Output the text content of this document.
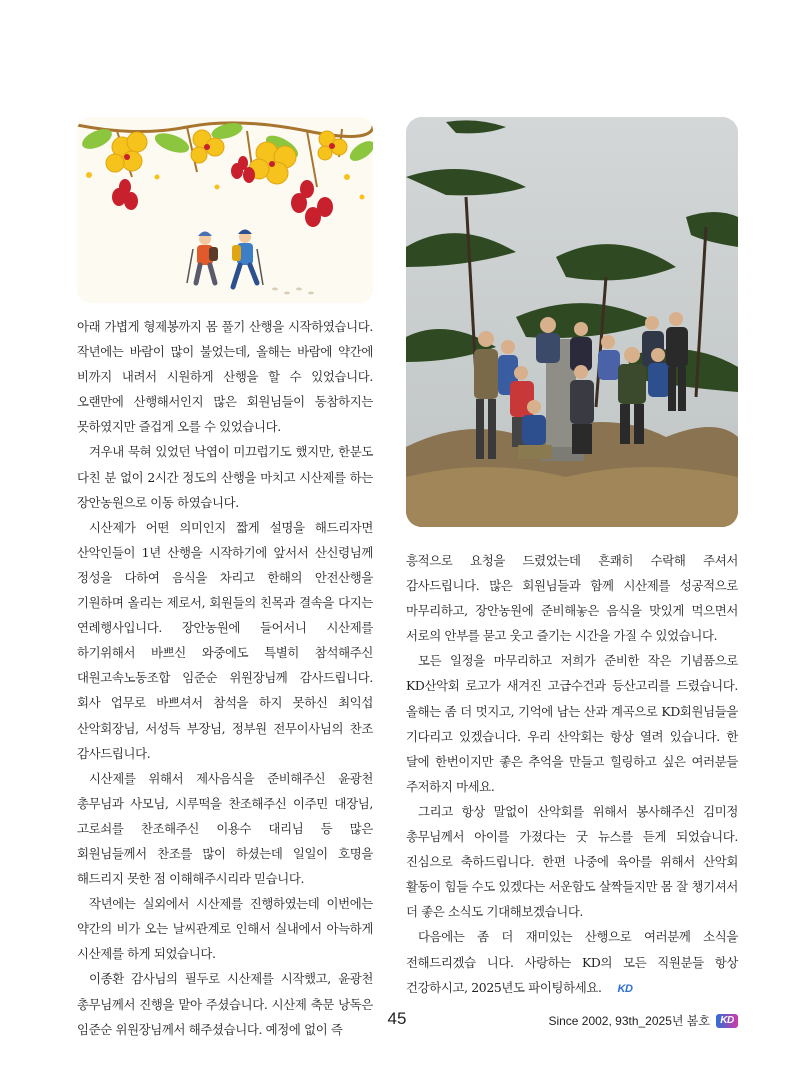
아래 가볍게 형제봉까지 몸 풀기 산행을 시작하였습니다. 작년에는 바람이 많이 불었는데, 올해는 바람에 약간에 비까지 내려서 시원하게 산행을 할 수 있었습니다. 오랜만에 산행해서인지 많은 회원님들이 동참하지는 못하였지만 즐겁게 오를 수 있었습니다.

겨우내 묵혀 있었던 낙엽이 미끄럽기도 했지만, 한분도 다친 분 없이 2시간 정도의 산행을 마치고 시산제를 하는 장안농원으로 이동 하였습니다.

시산제가 어떤 의미인지 짧게 설명을 해드리자면 산악인들이 1년 산행을 시작하기에 앞서서 산신령님께 정성을 다하여 음식을 차리고 한해의 안전산행을 기원하며 올리는 제로서, 회원들의 친목과 결속을 다지는 연례행사입니다. 장안농원에 들어서니 시산제를 하기위해서 바쁘신 와중에도 특별히 참석해주신 대원고속노동조합 임준순 위원장님께 감사드립니다. 회사 업무로 바쁘셔서 참석을 하지 못하신 최익섭 산악회장님, 서성득 부장님, 정부원 전무이사님의 찬조 감사드립니다.

시산제를 위해서 제사음식을 준비해주신 윤광천 총무님과 사모님, 시루떡을 찬조해주신 이주민 대장님, 고로쇠를 찬조해주신 이용수 대리님 등 많은 회원님들께서 찬조를 많이 하셨는데 일일이 호명을 해드리지 못한 점 이해해주시리라 믿습니다.

작년에는 실외에서 시산제를 진행하였는데 이번에는 약간의 비가 오는 날씨관계로 인해서 실내에서 아늑하게 시산제를 하게 되었습니다.

이종환 감사님의 필두로 시산제를 시작했고, 윤광천 총무님께서 진행을 맡아 주셨습니다. 시산제 축문 낭독은 임준순 위원장님께서 해주셨습니다. 예정에 없이 즉

흥적으로 요청을 드렸었는데 흔쾌히 수락해 주셔서 감사드립니다. 많은 회원님들과 함께 시산제를 성공적으로 마무리하고, 장안농원에 준비해놓은 음식을 맛있게 먹으면서 서로의 안부를 묻고 웃고 즐기는 시간을 가질 수 있었습니다.

모든 일정을 마무리하고 저희가 준비한 작은 기념품으로 KD산악회 로고가 새겨진 고급수건과 등산고리를 드렸습니다. 올해는 좀 더 멋지고, 기억에 남는 산과 계곡으로 KD회원님들을 기다리고 있겠습니다. 우리 산악회는 항상 열려 있습니다. 한 달에 한번이지만 좋은 추억을 만들고 힐링하고 싶은 여러분들 주저하지 마세요.

그리고 항상 말없이 산악회를 위해서 봉사해주신 김미정 총무님께서 아이를 가졌다는 굿 뉴스를 듣게 되었습니다. 진심으로 축하드립니다. 한편 나중에 육아를 위해서 산악회 활동이 힘들 수도 있겠다는 서운함도 살짝들지만 몸 잘 챙기셔서 더 좋은 소식도 기대해보겠습니다.

다음에는 좀 더 재미있는 산행으로 여러분께 소식을 전해드리겠습 니다. 사랑하는 KD의 모든 직원분들 항상 건강하시고, 2025년도 파이팅하세요. KD

45	Since 2002, 93th_2025년 봄호 KD
